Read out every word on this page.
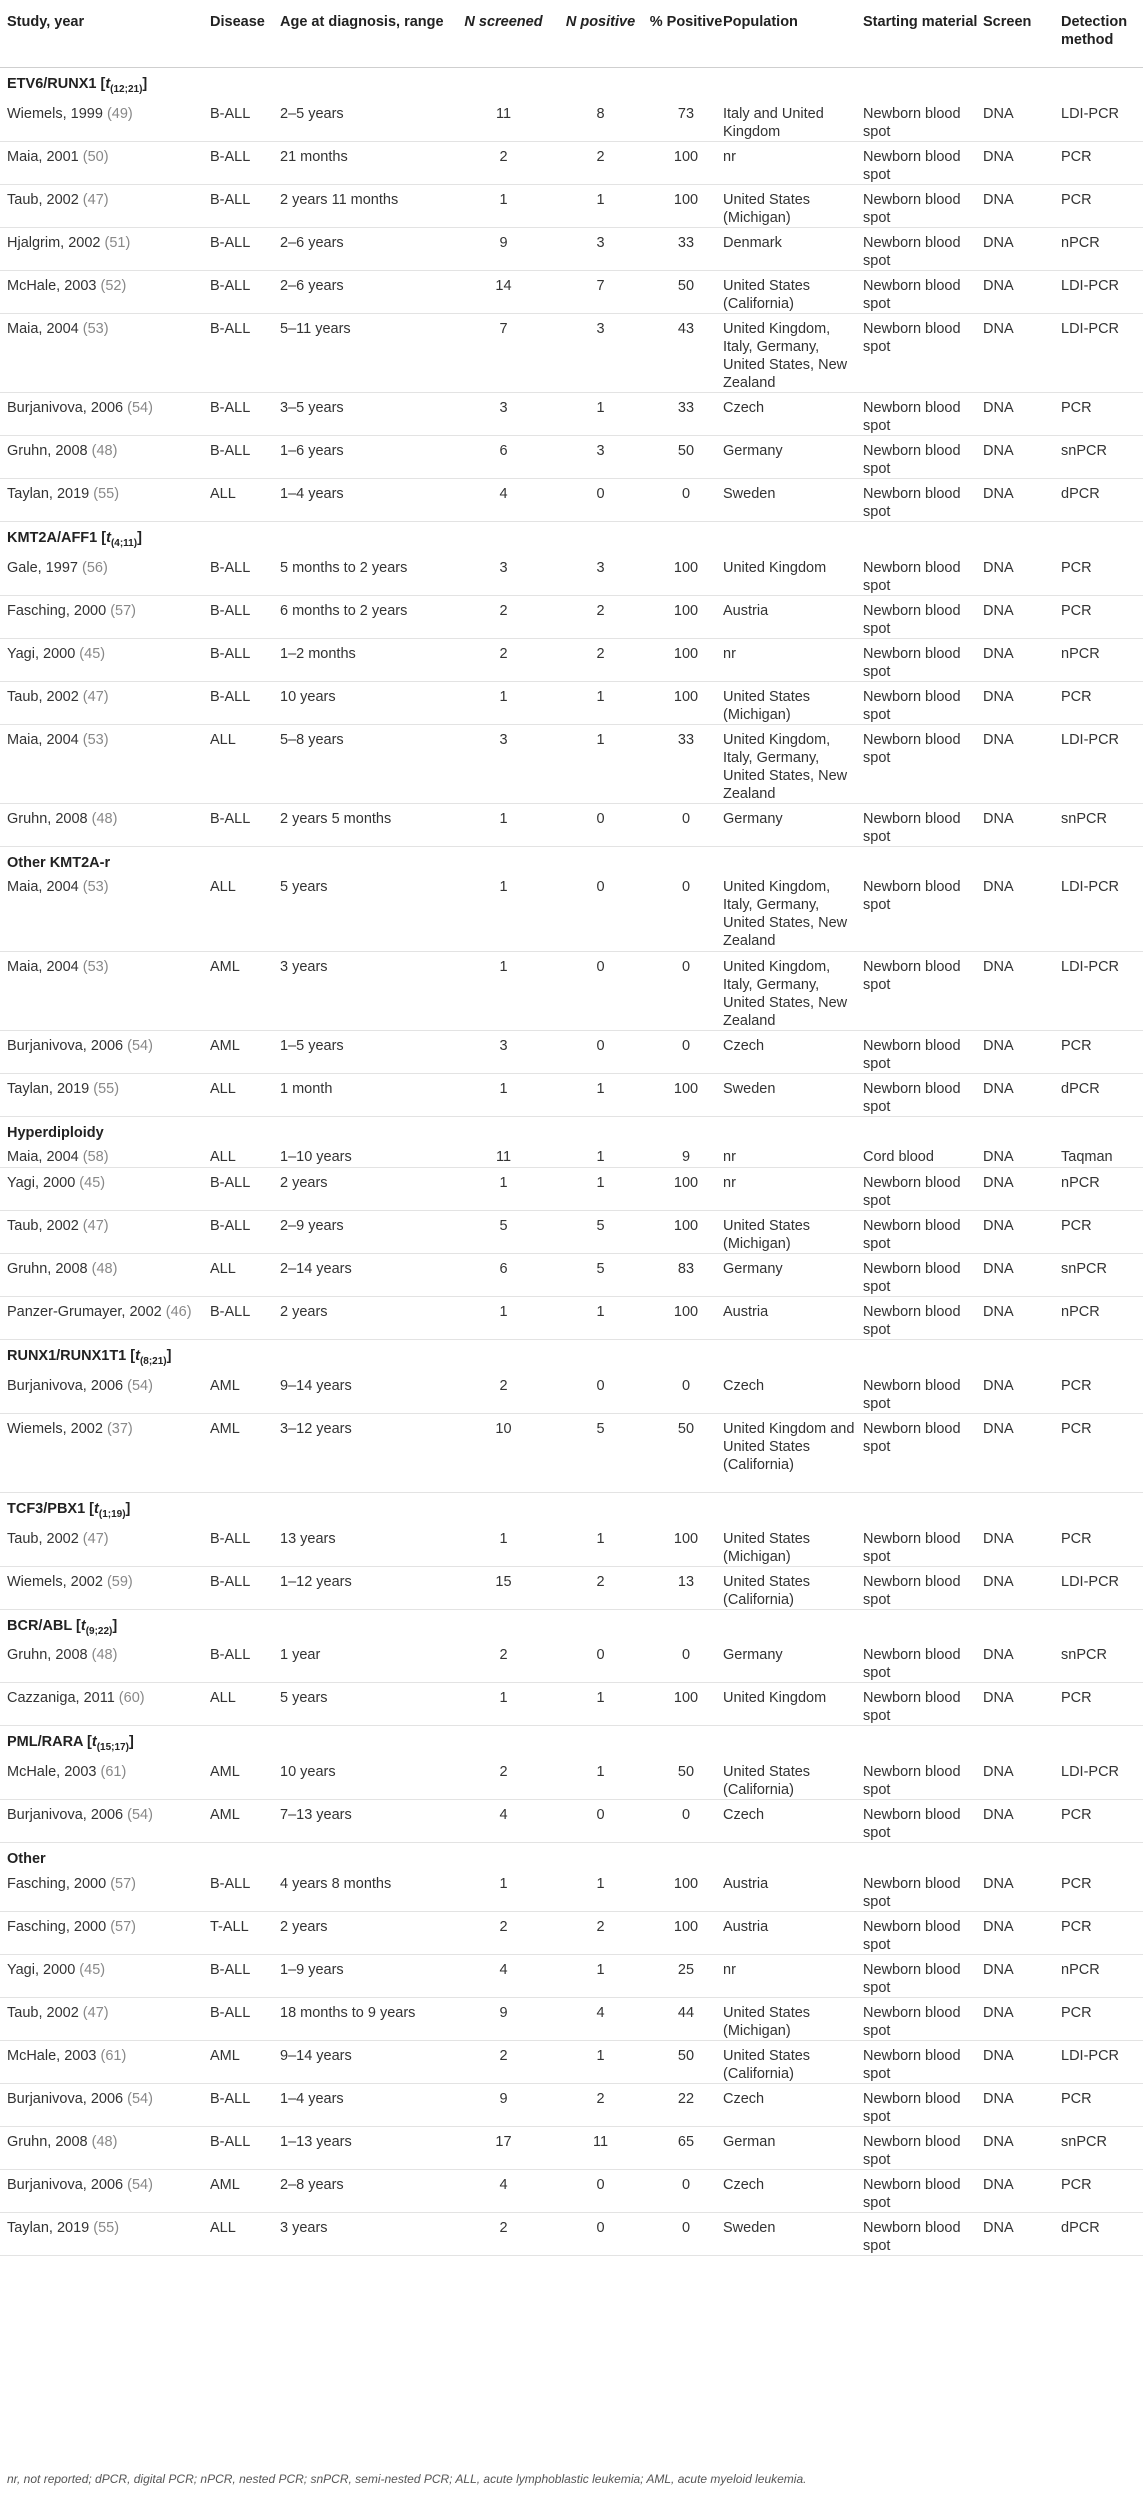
Study, year	Disease	Age at diagnosis, range	N screened	N positive	% Positive	Population	Starting material	Screen	Detection method
ETV6/RUNX1 $[t_{(12;21)}]$									
Wiemels, 1999 (49)	B-ALL	2–5 years	11	8	73	Italy and United Kingdom	Newborn blood spot	DNA	LDI-PCR
Maia, 2001 (50)	B-ALL	21 months	2	2	100	nr	Newborn blood spot	DNA	PCR
Taub, 2002 (47)	B-ALL	2 years 11 months	1	1	100	United States (Michigan)	Newborn blood spot	DNA	PCR
Hjalgrim, 2002 (51)	B-ALL	2–6 years	9	3	33	Denmark	Newborn blood spot	DNA	nPCR
McHale, 2003 (52)	B-ALL	2–6 years	14	7	50	United States (California)	Newborn blood spot	DNA	LDI-PCR
Maia, 2004 (53)	B-ALL	5–11 years	7	3	43	United Kingdom, Italy, Germany, United States, New Zealand	Newborn blood spot	DNA	LDI-PCR
Burjanivova, 2006 (54)	B-ALL	3–5 years	3	1	33	Czech	Newborn blood spot	DNA	PCR
Gruhn, 2008 (48)	B-ALL	1–6 years	6	3	50	Germany	Newborn blood spot	DNA	snPCR
Taylan, 2019 (55)	ALL	1–4 years	4	0	0	Sweden	Newborn blood spot	DNA	dPCR
KMT2A/AFF1 $[t_{(4;11)}]$									
Gale, 1997 (56)	B-ALL	5 months to 2 years	3	3	100	United Kingdom	Newborn blood spot	DNA	PCR
Fasching, 2000 (57)	B-ALL	6 months to 2 years	2	2	100	Austria	Newborn blood spot	DNA	PCR
Yagi, 2000 (45)	B-ALL	1–2 months	2	2	100	nr	Newborn blood spot	DNA	nPCR
Taub, 2002 (47)	B-ALL	10 years	1	1	100	United States (Michigan)	Newborn blood spot	DNA	PCR
Maia, 2004 (53)	ALL	5–8 years	3	1	33	United Kingdom, Italy, Germany, United States, New Zealand	Newborn blood spot	DNA	LDI-PCR
Gruhn, 2008 (48)	B-ALL	2 years 5 months	1	0	0	Germany	Newborn blood spot	DNA	snPCR
Other KMT2A-r									
Maia, 2004 (53)	ALL	5 years	1	0	0	United Kingdom, Italy, Germany, United States, New Zealand	Newborn blood spot	DNA	LDI-PCR
Maia, 2004 (53)	AML	3 years	1	0	0	United Kingdom, Italy, Germany, United States, New Zealand	Newborn blood spot	DNA	LDI-PCR
Burjanivova, 2006 (54)	AML	1–5 years	3	0	0	Czech	Newborn blood spot	DNA	PCR
Taylan, 2019 (55)	ALL	1 month	1	1	100	Sweden	Newborn blood spot	DNA	dPCR
Hyperdiploidy									
Maia, 2004 (58)	ALL	1–10 years	11	1	9	nr	Cord blood	DNA	Taqman
Yagi, 2000 (45)	B-ALL	2 years	1	1	100	nr	Newborn blood spot	DNA	nPCR
Taub, 2002 (47)	B-ALL	2–9 years	5	5	100	United States (Michigan)	Newborn blood spot	DNA	PCR
Gruhn, 2008 (48)	ALL	2–14 years	6	5	83	Germany	Newborn blood spot	DNA	snPCR
Panzer-Grumayer, 2002 (46)	B-ALL	2 years	1	1	100	Austria	Newborn blood spot	DNA	nPCR
RUNX1/RUNX1T1 $[t_{(8;21)}]$									
Burjanivova, 2006 (54)	AML	9–14 years	2	0	0	Czech	Newborn blood spot	DNA	PCR
Wiemels, 2002 (37)	AML	3–12 years	10	5	50	United Kingdom and United States (California)	Newborn blood spot	DNA	PCR
TCF3/PBX1 $[t_{(1;19)}]$									
Taub, 2002 (47)	B-ALL	13 years	1	1	100	United States (Michigan)	Newborn blood spot	DNA	PCR
Wiemels, 2002 (59)	B-ALL	1–12 years	15	2	13	United States (California)	Newborn blood spot	DNA	LDI-PCR
BCR/ABL $[t_{(9;22)}]$									
Gruhn, 2008 (48)	B-ALL	1 year	2	0	0	Germany	Newborn blood spot	DNA	snPCR
Cazzaniga, 2011 (60)	ALL	5 years	1	1	100	United Kingdom	Newborn blood spot	DNA	PCR
PML/RARA $[t_{(15;17)}]$									
McHale, 2003 (61)	AML	10 years	2	1	50	United States (California)	Newborn blood spot	DNA	LDI-PCR
Burjanivova, 2006 (54)	AML	7–13 years	4	0	0	Czech	Newborn blood spot	DNA	PCR
Other									
Fasching, 2000 (57)	B-ALL	4 years 8 months	1	1	100	Austria	Newborn blood spot	DNA	PCR
Fasching, 2000 (57)	T-ALL	2 years	2	2	100	Austria	Newborn blood spot	DNA	PCR
Yagi, 2000 (45)	B-ALL	1–9 years	4	1	25	nr	Newborn blood spot	DNA	nPCR
Taub, 2002 (47)	B-ALL	18 months to 9 years	9	4	44	United States (Michigan)	Newborn blood spot	DNA	PCR
McHale, 2003 (61)	AML	9–14 years	2	1	50	United States (California)	Newborn blood spot	DNA	LDI-PCR
Burjanivova, 2006 (54)	B-ALL	1–4 years	9	2	22	Czech	Newborn blood spot	DNA	PCR
Gruhn, 2008 (48)	B-ALL	1–13 years	17	11	65	German	Newborn blood spot	DNA	snPCR
Burjanivova, 2006 (54)	AML	2–8 years	4	0	0	Czech	Newborn blood spot	DNA	PCR
Taylan, 2019 (55)	ALL	3 years	2	0	0	Sweden	Newborn blood spot	DNA	dPCR
nr, not reported; dPCR, digital PCR; nPCR, nested PCR; snPCR, semi-nested PCR; ALL, acute lymphoblastic leukemia; AML, acute myeloid leukemia.
